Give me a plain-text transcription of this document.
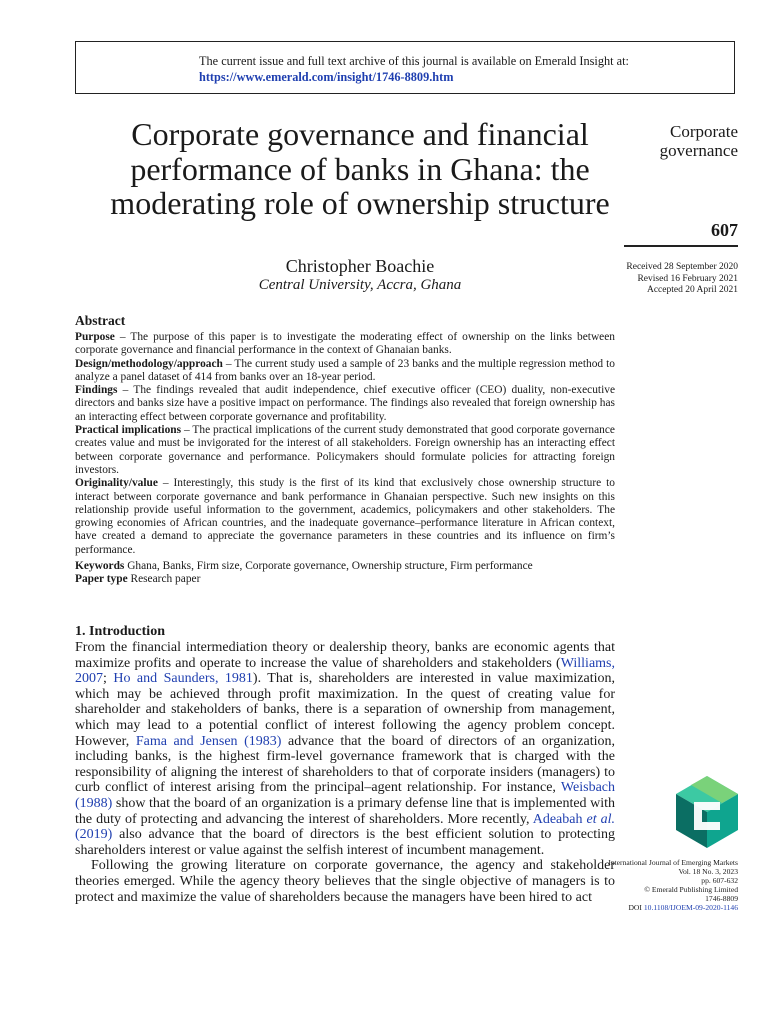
The current issue and full text archive of this journal is available on Emerald Insight at:
https://www.emerald.com/insight/1746-8809.htm
Corporate governance and financial performance of banks in Ghana: the moderating role of ownership structure
Christopher Boachie
Central University, Accra, Ghana
Corporate governance
607
Received 28 September 2020
Revised 16 February 2021
Accepted 20 April 2021
Abstract

Purpose – The purpose of this paper is to investigate the moderating effect of ownership on the links between corporate governance and financial performance in the context of Ghanaian banks.

Design/methodology/approach – The current study used a sample of 23 banks and the multiple regression method to analyze a panel dataset of 414 from banks over an 18-year period.

Findings – The findings revealed that audit independence, chief executive officer (CEO) duality, non-executive directors and banks size have a positive impact on performance. The findings also revealed that foreign ownership has an interacting effect between corporate governance and profitability.

Practical implications – The practical implications of the current study demonstrated that good corporate governance creates value and must be invigorated for the interest of all stakeholders. Foreign ownership has an interacting effect between corporate governance and performance. Policymakers should formulate policies for attracting foreign investors.

Originality/value – Interestingly, this study is the first of its kind that exclusively chose ownership structure to interact between corporate governance and bank performance in Ghanaian perspective. Such new insights on this relationship provide useful information to the government, academics, policymakers and other stakeholders. The growing economies of African countries, and the inadequate governance–performance literature in African context, have created a demand to appreciate the governance parameters in these countries and its influence on firm’s performance.

Keywords Ghana, Banks, Firm size, Corporate governance, Ownership structure, Firm performance

Paper type Research paper

1. Introduction

From the financial intermediation theory or dealership theory, banks are economic agents that maximize profits and operate to increase the value of shareholders and stakeholders (Williams, 2007; Ho and Saunders, 1981). That is, shareholders are interested in value maximization, which may be achieved through profit maximization. In the quest of creating value for shareholder and stakeholders of banks, there is a separation of ownership from management, which may lead to a potential conflict of interest following the agency problem concept. However, Fama and Jensen (1983) advance that the board of directors of an organization, including banks, is the highest firm-level governance framework that is charged with the responsibility of aligning the interest of shareholders to that of corporate insiders (managers) to curb conflict of interest arising from the principal–agent relationship. For instance, Weisbach (1988) show that the board of an organization is a primary defense line that is implemented with the duty of protecting and advancing the interest of shareholders. More recently, Adeabah et al. (2019) also advance that the board of directors is the best efficient solution to protecting shareholders interest or value against the selfish interest of incumbent management.

Following the growing literature on corporate governance, the agency and stakeholder theories emerged. While the agency theory believes that the single objective of managers is to protect and maximize the value of shareholders because the managers have been hired to act

International Journal of Emerging Markets
Vol. 18 No. 3, 2023
pp. 607-632
© Emerald Publishing Limited
1746-8809
DOI 10.1108/IJOEM-09-2020-1146
